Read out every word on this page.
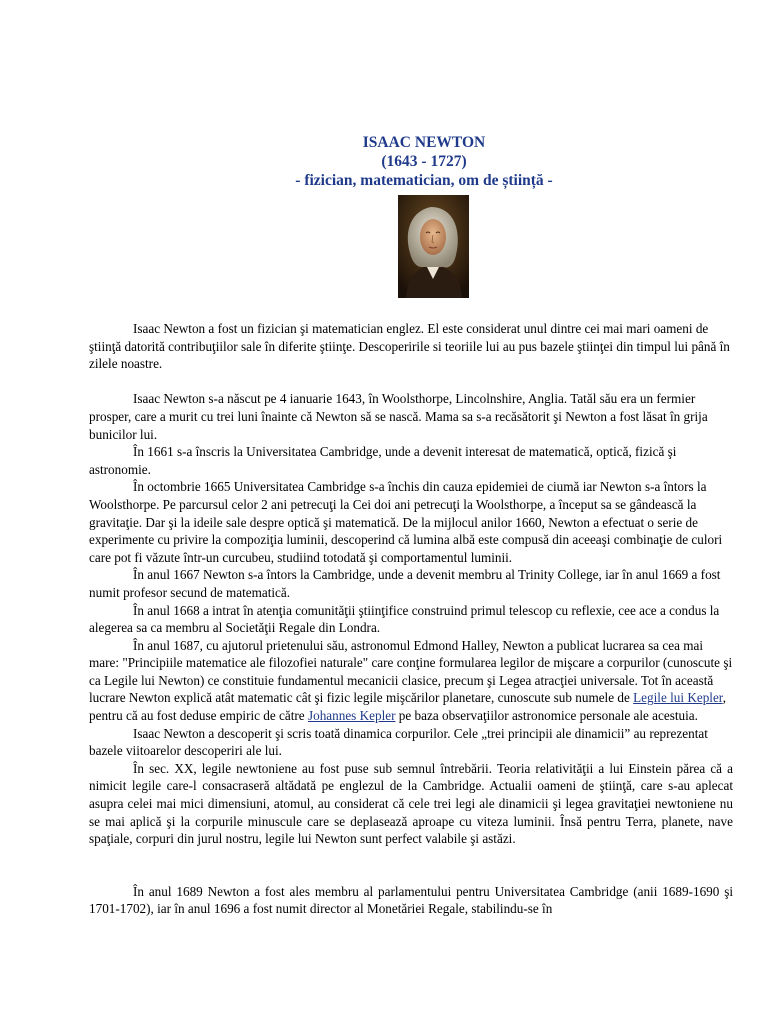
ISAAC NEWTON
(1643 - 1727)
- fizician, matematician, om de știință -

Isaac Newton a fost un fizician şi matematician englez. El este considerat unul dintre cei mai mari oameni de ştiinţă datorită contribuţiilor sale în diferite ştiinţe. Descoperirile si teoriile lui au pus bazele ştiinţei din timpul lui până în zilele noastre.

Isaac Newton s-a născut pe 4 ianuarie 1643, în Woolsthorpe, Lincolnshire, Anglia. Tatăl său era un fermier prosper, care a murit cu trei luni înainte că Newton să se nască. Mama sa s-a recăsătorit şi Newton a fost lăsat în grija bunicilor lui.

În 1661 s-a înscris la Universitatea Cambridge, unde a devenit interesat de matematică, optică, fizică şi astronomie.

În octombrie 1665 Universitatea Cambridge s-a închis din cauza epidemiei de ciumă iar Newton s-a întors la Woolsthorpe. Pe parcursul celor 2 ani petrecuţi la Cei doi ani petrecuţi la Woolsthorpe, a început sa se gândească la gravitaţie. Dar şi la ideile sale despre optică şi matematică. De la mijlocul anilor 1660, Newton a efectuat o serie de experimente cu privire la compoziţia luminii, descoperind că lumina albă este compusă din aceeaşi combinaţie de culori care pot fi văzute într-un curcubeu, studiind totodată şi comportamentul luminii.

În anul 1667 Newton s-a întors la Cambridge, unde a devenit membru al Trinity College, iar în anul 1669 a fost numit profesor secund de matematică.

În anul 1668 a intrat în atenţia comunităţii ştiinţifice construind primul telescop cu reflexie, cee ace a condus la alegerea sa ca membru al Societăţii Regale din Londra.

În anul 1687, cu ajutorul prietenului său, astronomul Edmond Halley, Newton a publicat lucrarea sa cea mai mare: "Principiile matematice ale filozofiei naturale" care conţine formularea legilor de mişcare a corpurilor (cunoscute şi ca Legile lui Newton) ce constituie fundamentul mecanicii clasice, precum şi Legea atracţiei universale. Tot în această lucrare Newton explică atât matematic cât şi fizic legile mişcărilor planetare, cunoscute sub numele de Legile lui Kepler, pentru că au fost deduse empiric de către Johannes Kepler pe baza observaţiilor astronomice personale ale acestuia.

Isaac Newton a descoperit şi scris toată dinamica corpurilor. Cele „trei principii ale dinamicii” au reprezentat bazele viitoarelor descoperiri ale lui.

În sec. XX, legile newtoniene au fost puse sub semnul întrebării. Teoria relativităţii a lui Einstein părea că a nimicit legile care-l consacraseră altădată pe englezul de la Cambridge. Actualii oameni de ştiinţă, care s-au aplecat asupra celei mai mici dimensiuni, atomul, au considerat că cele trei legi ale dinamicii şi legea gravitaţiei newtoniene nu se mai aplică şi la corpurile minuscule care se deplasează aproape cu viteza luminii. Însă pentru Terra, planete, nave spaţiale, corpuri din jurul nostru, legile lui Newton sunt perfect valabile şi astăzi.

În anul 1689 Newton a fost ales membru al parlamentului pentru Universitatea Cambridge (anii 1689-1690 şi 1701-1702), iar în anul 1696 a fost numit director al Monetăriei Regale, stabilindu-se în
